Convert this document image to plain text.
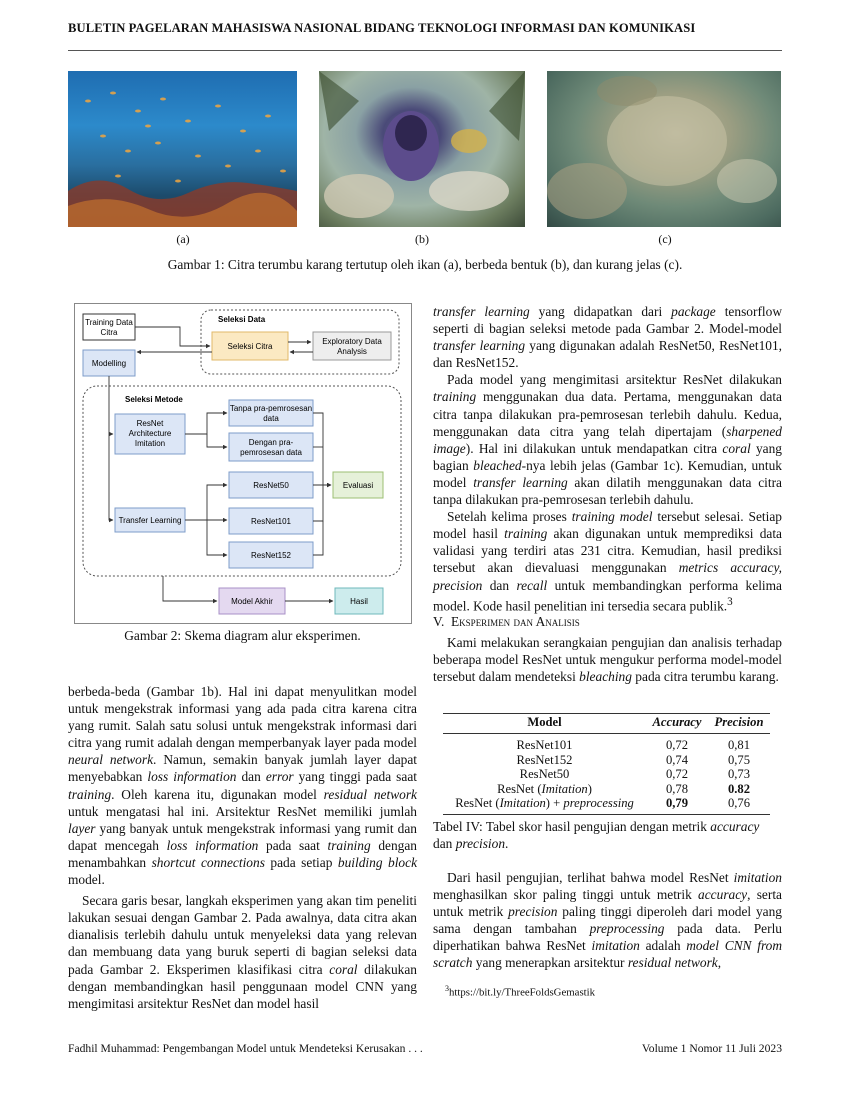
BULETIN PAGELARAN MAHASISWA NASIONAL BIDANG TEKNOLOGI INFORMASI DAN KOMUNIKASI
(a)	(b)	(c)
Gambar 1: Citra terumbu karang tertutup oleh ikan (a), berbeda bentuk (b), dan kurang jelas (c).
Seleksi Data
Seleksi Metode
Training Data
Citra
Seleksi Citra
Exploratory Data
Analysis
Modelling
ResNet
Architecture
Imitation
Tanpa pra-pemrosesan
data
Dengan pra-
pemrosesan data
Transfer Learning
ResNet50
ResNet101
ResNet152
Evaluasi
Model Akhir	Hasil
Gambar 2: Skema diagram alur eksperimen.

berbeda-beda (Gambar 1b). Hal ini dapat menyulitkan model untuk mengekstrak informasi yang ada pada citra karena citra yang rumit. Salah satu solusi untuk mengekstrak informasi dari citra yang rumit adalah dengan memperbanyak layer pada model neural network. Namun, semakin banyak jumlah layer dapat menyebabkan loss information dan error yang tinggi pada saat training. Oleh karena itu, digunakan model residual network untuk mengatasi hal ini. Arsitektur ResNet memiliki jumlah layer yang banyak untuk mengekstrak informasi yang rumit dan dapat mencegah loss information pada saat training dengan menambahkan shortcut connections pada setiap building block model.

Secara garis besar, langkah eksperimen yang akan tim peneliti lakukan sesuai dengan Gambar 2. Pada awalnya, data citra akan dianalisis terlebih dahulu untuk menyeleksi data yang relevan dan membuang data yang buruk seperti di bagian seleksi data pada Gambar 2. Eksperimen klasifikasi citra coral dilakukan dengan membandingkan hasil penggunaan model CNN yang mengimitasi arsitektur ResNet dan model hasil

transfer learning yang didapatkan dari package tensorflow seperti di bagian seleksi metode pada Gambar 2. Model-model transfer learning yang digunakan adalah ResNet50, ResNet101, dan ResNet152.

Pada model yang mengimitasi arsitektur ResNet dilakukan training menggunakan dua data. Pertama, menggunakan data citra tanpa dilakukan pra-pemrosesan terlebih dahulu. Kedua, menggunakan data citra yang telah dipertajam (sharpened image). Hal ini dilakukan untuk mendapatkan citra coral yang bagian bleached-nya lebih jelas (Gambar 1c). Kemudian, untuk model transfer learning akan dilatih menggunakan data citra tanpa dilakukan pra-pemrosesan terlebih dahulu.

Setelah kelima proses training model tersebut selesai. Setiap model hasil training akan digunakan untuk memprediksi data validasi yang terdiri atas 231 citra. Kemudian, hasil prediksi tersebut akan dievaluasi menggunakan metrics accuracy, precision dan recall untuk membandingkan performa kelima model. Kode hasil penelitian ini tersedia secara publik.$^3$

V. Eksperimen dan Analisis

Kami melakukan serangkaian pengujian dan analisis terhadap beberapa model ResNet untuk mengukur performa model-model tersebut dalam mendeteksi bleaching pada citra terumbu karang.

Model	Accuracy	Precision
ResNet101	0,72	0,81
ResNet152	0,74	0,75
ResNet50	0,72	0,73
ResNet (Imitation)	0,78	0.82
ResNet (Imitation) + preprocessing	0,79	0,76

Tabel IV: Tabel skor hasil pengujian dengan metrik accuracy dan precision.

Dari hasil pengujian, terlihat bahwa model ResNet imitation menghasilkan skor paling tinggi untuk metrik accuracy, serta untuk metrik precision paling tinggi diperoleh dari model yang sama dengan tambahan preprocessing pada data. Perlu diperhatikan bahwa ResNet imitation adalah model CNN from scratch yang menerapkan arsitektur residual network,

$^3$https://bit.ly/ThreeFoldsGemastik
Fadhil Muhammad: Pengembangan Model untuk Mendeteksi Kerusakan . . .	Volume 1 Nomor 11 Juli 2023
